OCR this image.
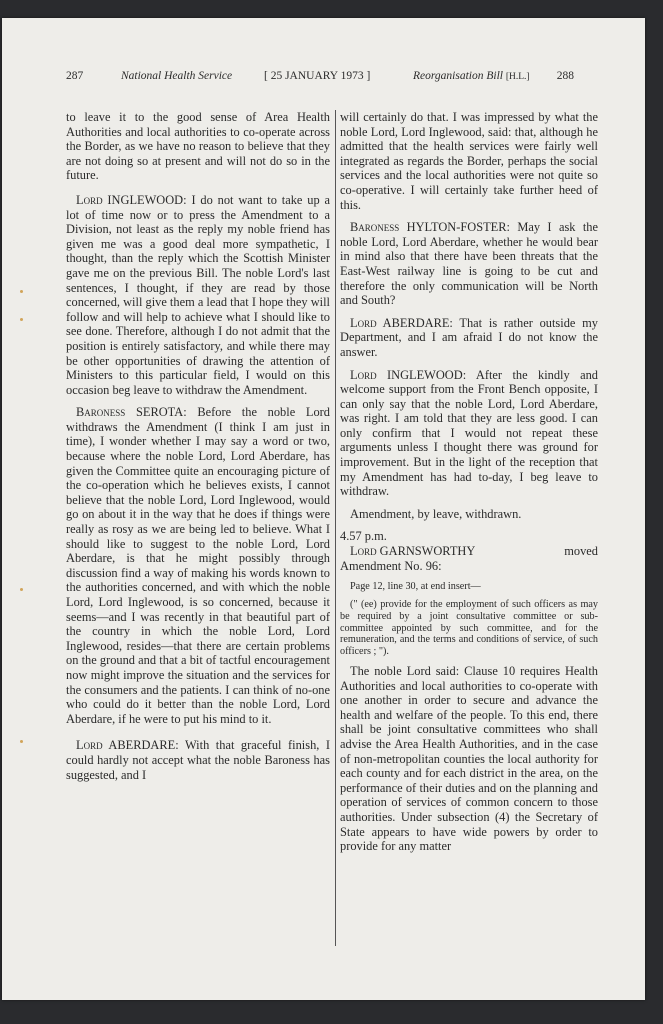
287	National Health Service	[ 25 JANUARY 1973 ]	Reorganisation Bill [H.L.] 288

to leave it to the good sense of Area Health Authorities and local authorities to co-operate across the Border, as we have no reason to believe that they are not doing so at present and will not do so in the future.

Lord INGLEWOOD: I do not want to take up a lot of time now or to press the Amendment to a Division, not least as the reply my noble friend has given me was a good deal more sympathetic, I thought, than the reply which the Scottish Minister gave me on the previous Bill. The noble Lord's last sentences, I thought, if they are read by those concerned, will give them a lead that I hope they will follow and will help to achieve what I should like to see done. Therefore, although I do not admit that the position is entirely satisfactory, and while there may be other opportunities of drawing the attention of Ministers to this particular field, I would on this occasion beg leave to withdraw the Amendment.

Baroness SEROTA: Before the noble Lord withdraws the Amendment (I think I am just in time), I wonder whether I may say a word or two, because where the noble Lord, Lord Aberdare, has given the Committee quite an encouraging picture of the co-operation which he believes exists, I cannot believe that the noble Lord, Lord Inglewood, would go on about it in the way that he does if things were really as rosy as we are being led to believe. What I should like to suggest to the noble Lord, Lord Aberdare, is that he might possibly through discussion find a way of making his words known to the authorities concerned, and with which the noble Lord, Lord Inglewood, is so concerned, because it seems—and I was recently in that beautiful part of the country in which the noble Lord, Lord Inglewood, resides—that there are certain problems on the ground and that a bit of tactful encouragement now might improve the situation and the services for the consumers and the patients. I can think of no-one who could do it better than the noble Lord, Lord Aberdare, if he were to put his mind to it.

Lord ABERDARE: With that graceful finish, I could hardly not accept what the noble Baroness has suggested, and I

will certainly do that. I was impressed by what the noble Lord, Lord Inglewood, said: that, although he admitted that the health services were fairly well integrated as regards the Border, perhaps the social services and the local authorities were not quite so co-operative. I will certainly take further heed of this.

Baroness HYLTON-FOSTER: May I ask the noble Lord, Lord Aberdare, whether he would bear in mind also that there have been threats that the East-West railway line is going to be cut and therefore the only communication will be North and South?

Lord ABERDARE: That is rather outside my Department, and I am afraid I do not know the answer.

Lord INGLEWOOD: After the kindly and welcome support from the Front Bench opposite, I can only say that the noble Lord, Lord Aberdare, was right. I am told that they are less good. I can only confirm that I would not repeat these arguments unless I thought there was ground for improvement. But in the light of the reception that my Amendment has had to-day, I beg leave to withdraw.

Amendment, by leave, withdrawn.

4.57 p.m.

Lord GARNSWORTHY	moved

Amendment No. 96:

Page 12, line 30, at end insert—

(" (ee) provide for the employment of such officers as may be required by a joint consultative committee or sub-committee appointed by such committee, and for the remuneration, and the terms and conditions of service, of such officers ; ").

The noble Lord said: Clause 10 requires Health Authorities and local authorities to co-operate with one another in order to secure and advance the health and welfare of the people. To this end, there shall be joint consultative committees who shall advise the Area Health Authorities, and in the case of non-metropolitan counties the local authority for each county and for each district in the area, on the performance of their duties and on the planning and operation of services of common concern to those authorities. Under subsection (4) the Secretary of State appears to have wide powers by order to provide for any matter
